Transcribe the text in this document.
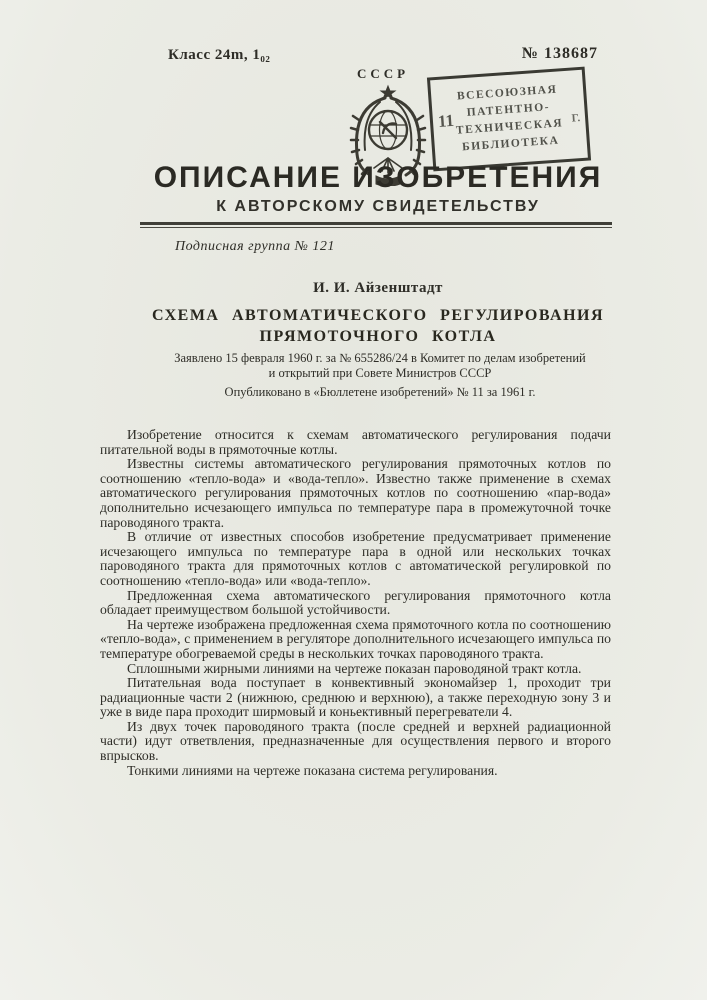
Класс 24m, 1₀₂	№ 138687
СССР
ВСЕСОЮЗНАЯ
ПАТЕНТНО-
ТЕХНИЧЕСКАЯ
БИБЛИОТЕКА
11	Г.
ОПИСАНИЕ ИЗОБРЕТЕНИЯ
К АВТОРСКОМУ СВИДЕТЕЛЬСТВУ
Подписная группа № 121
И. И. Айзенштадт
СХЕМА АВТОМАТИЧЕСКОГО РЕГУЛИРОВАНИЯ
ПРЯМОТОЧНОГО КОТЛА
Заявлено 15 февраля 1960 г. за № 655286/24 в Комитет по делам изобретений
и открытий при Совете Министров СССР
Опубликовано в «Бюллетене изобретений» № 11 за 1961 г.

Изобретение относится к схемам автоматического регулирования подачи питательной воды в прямоточные котлы.

Известны системы автоматического регулирования прямоточных котлов по соотношению «тепло-вода» и «вода-тепло». Известно также применение в схемах автоматического регулирования прямоточных котлов по соотношению «пар-вода» дополнительно исчезающего импульса по температуре пара в промежуточной точке пароводяного тракта.

В отличие от известных способов изобретение предусматривает применение исчезающего импульса по температуре пара в одной или нескольких точках пароводяного тракта для прямоточных котлов с автоматической регулировкой по соотношению «тепло-вода» или «вода-тепло».

Предложенная схема автоматического регулирования прямоточного котла обладает преимуществом большой устойчивости.

На чертеже изображена предложенная схема прямоточного котла по соотношению «тепло-вода», с применением в регуляторе дополнительного исчезающего импульса по температуре обогреваемой среды в нескольких точках пароводяного тракта.

Сплошными жирными линиями на чертеже показан пароводяной тракт котла.

Питательная вода поступает в конвективный экономайзер 1, проходит три радиационные части 2 (нижнюю, среднюю и верхнюю), а также переходную зону 3 и уже в виде пара проходит ширмовый и коньективный перегреватели 4.

Из двух точек пароводяного тракта (после средней и верхней радиационной части) идут ответвления, предназначенные для осуществления первого и второго впрысков.

Тонкими линиями на чертеже показана система регулирования.
